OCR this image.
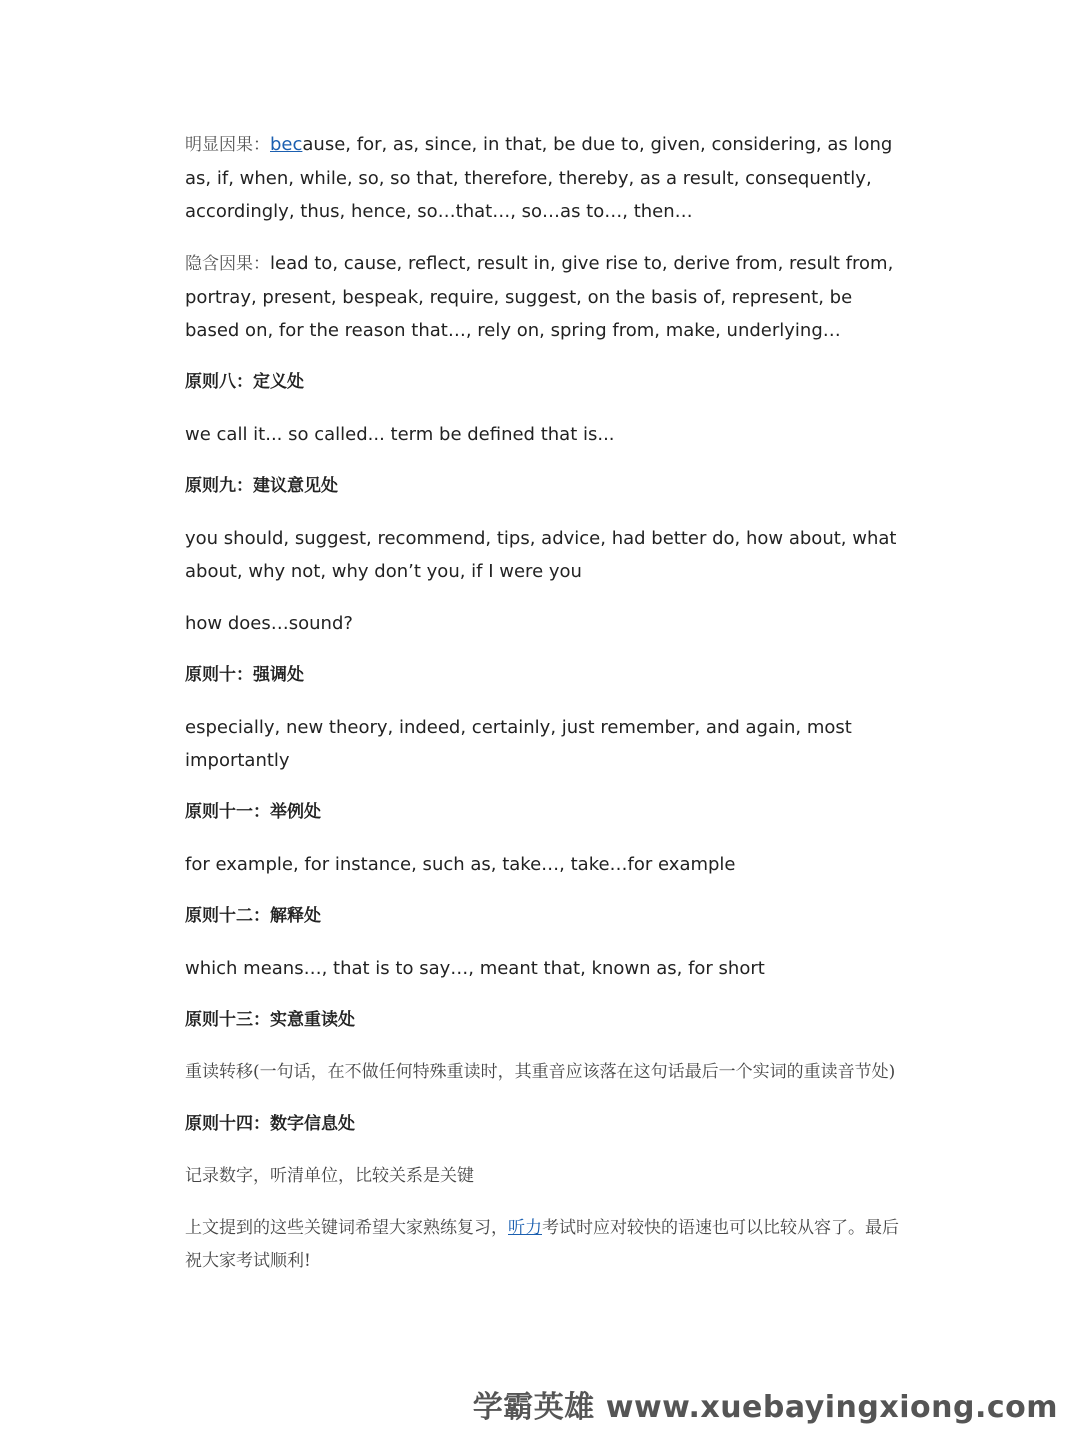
明显因果：because, for, as, since, in that, be due to, given, considering, as long as, if, when, while, so, so that, therefore, thereby, as a result, consequently, accordingly, thus, hence, so…that…, so…as to…, then…

隐含因果：lead to, cause, reflect, result in, give rise to, derive from, result from, portray, present, bespeak, require, suggest, on the basis of, represent, be based on, for the reason that…, rely on, spring from, make, underlying…

原则八：定义处

we call it... so called... term be defined that is...

原则九：建议意见处

you should, suggest, recommend, tips, advice, had better do, how about, what about, why not, why don’t you, if I were you

how does…sound?

原则十：强调处

especially, new theory, indeed, certainly, just remember, and again, most importantly

原则十一：举例处

for example, for instance, such as, take…, take…for example

原则十二：解释处

which means…, that is to say…, meant that, known as, for short

原则十三：实意重读处

重读转移(一句话，在不做任何特殊重读时，其重音应该落在这句话最后一个实词的重读音节处)

原则十四：数字信息处

记录数字，听清单位，比较关系是关键

上文提到的这些关键词希望大家熟练复习，听力考试时应对较快的语速也可以比较从容了。最后祝大家考试顺利!

学霸英雄 www.xuebayingxiong.com
